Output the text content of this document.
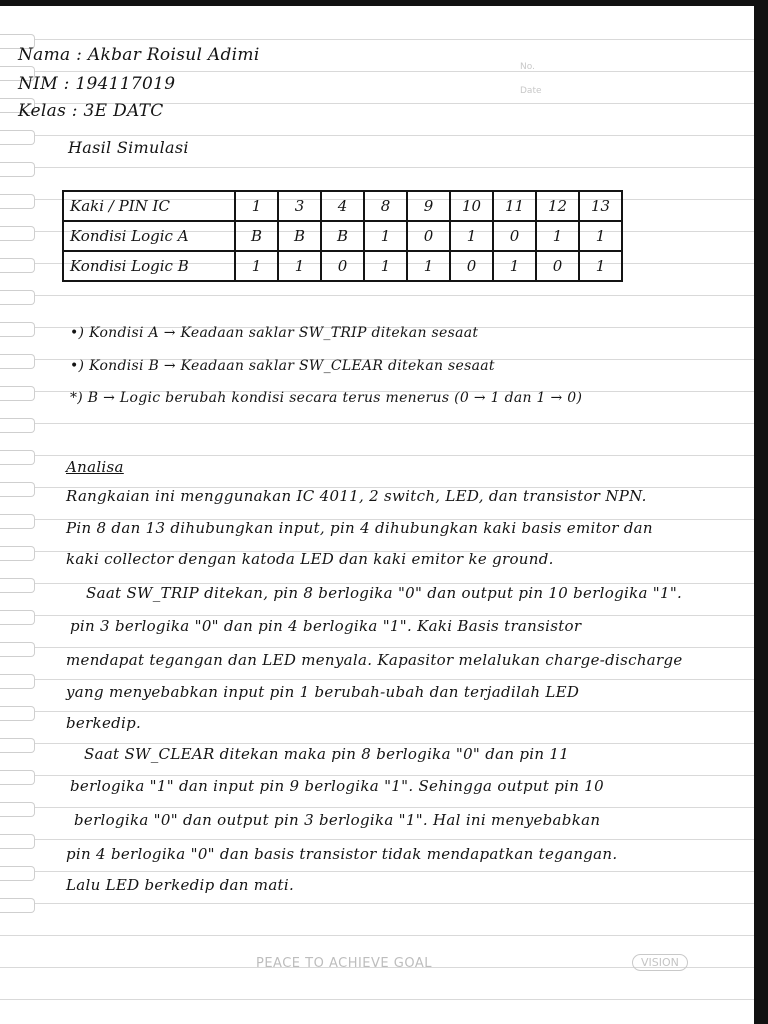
No.
Date
Nama : Akbar Roisul Adimi
NIM : 194117019
Kelas : 3E DATC
Hasil Simulasi
Kaki / PIN IC	1	3	4	8	9	10	11	12	13
Kondisi Logic A	B	B	B	1	0	1	0	1	1
Kondisi Logic B	1	1	0	1	1	0	1	0	1
•) Kondisi A → Keadaan saklar SW_TRIP ditekan sesaat
•) Kondisi B → Keadaan saklar SW_CLEAR ditekan sesaat
*) B → Logic berubah kondisi secara terus menerus (0 → 1 dan 1 → 0)
Analisa
Rangkaian ini menggunakan IC 4011, 2 switch, LED, dan transistor NPN.
Pin 8 dan 13 dihubungkan input, pin 4 dihubungkan kaki basis emitor dan
kaki collector dengan katoda LED dan kaki emitor ke ground.
Saat SW_TRIP ditekan, pin 8 berlogika "0" dan output pin 10 berlogika "1".
pin 3 berlogika "0" dan pin 4 berlogika "1". Kaki Basis transistor
mendapat tegangan dan LED menyala. Kapasitor melalukan charge-discharge
yang menyebabkan input pin 1 berubah-ubah dan terjadilah LED
berkedip.
Saat SW_CLEAR ditekan maka pin 8 berlogika "0" dan pin 11
berlogika "1" dan input pin 9 berlogika "1". Sehingga output pin 10
berlogika "0" dan output pin 3 berlogika "1". Hal ini menyebabkan
pin 4 berlogika "0" dan basis transistor tidak mendapatkan tegangan.
Lalu LED berkedip dan mati.
PEACE TO ACHIEVE GOAL	VISION
